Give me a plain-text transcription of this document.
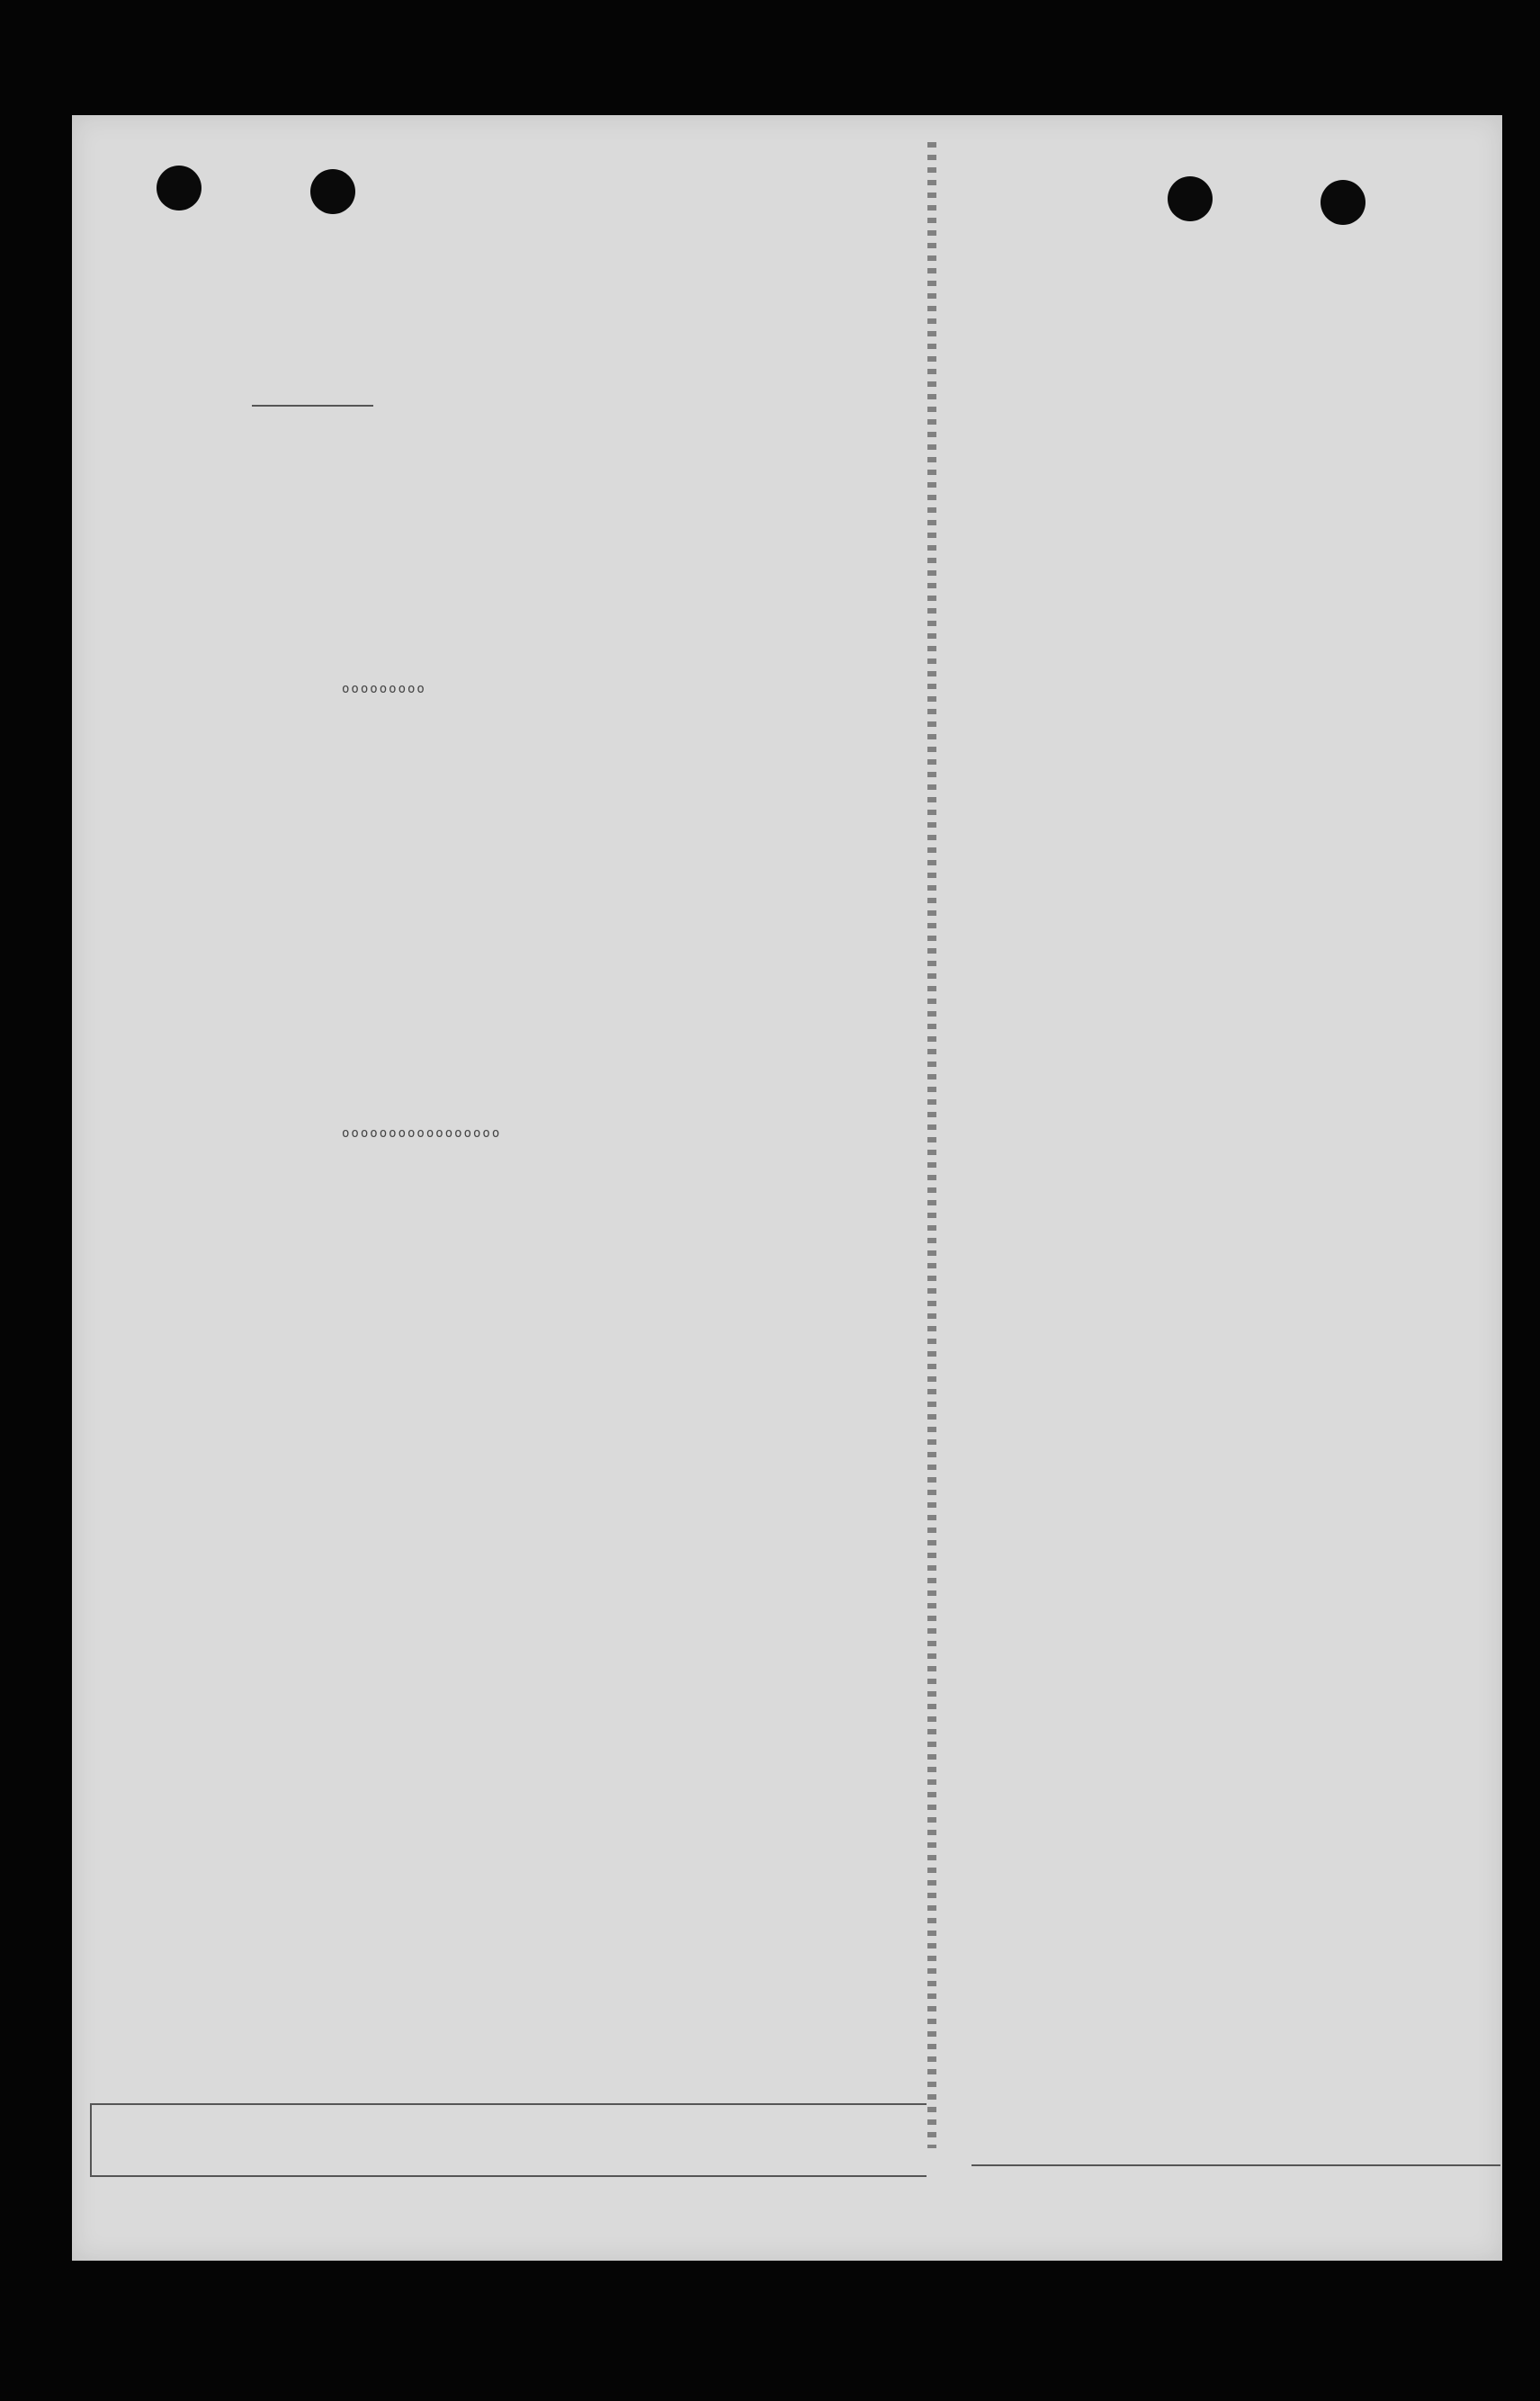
ooooooooo
ooooooooooooooooo
